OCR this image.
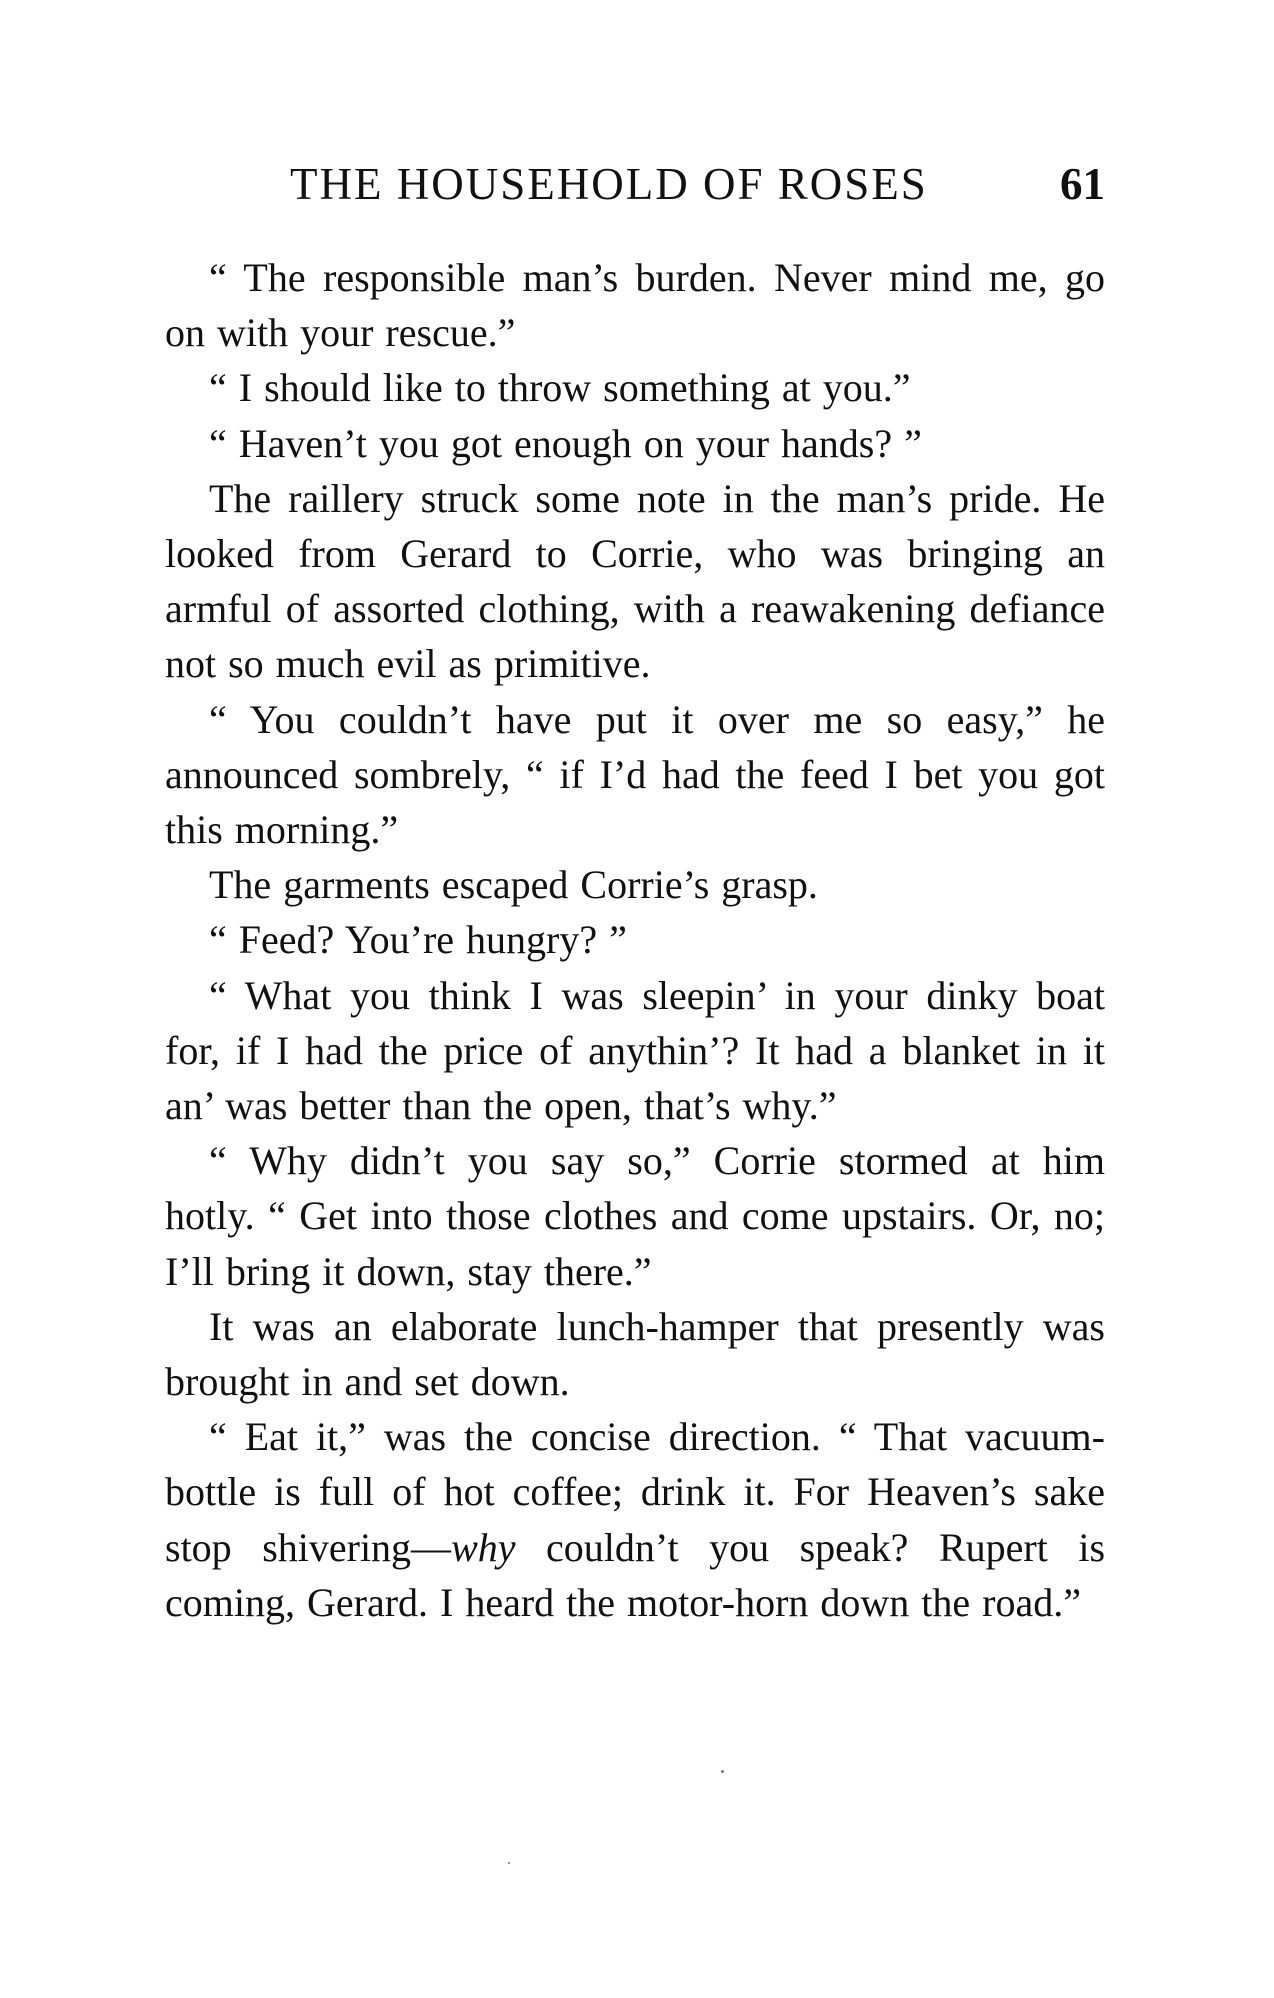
THE HOUSEHOLD OF ROSES	61

“ The responsible man’s burden. Never mind me, go on with your rescue.”

“ I should like to throw something at you.”

“ Haven’t you got enough on your hands? ”

The raillery struck some note in the man’s pride. He looked from Gerard to Corrie, who was bringing an armful of assorted clothing, with a reawakening defiance not so much evil as primitive.

“ You couldn’t have put it over me so easy,” he announced sombrely, “ if I’d had the feed I bet you got this morning.”

The garments escaped Corrie’s grasp.

“ Feed? You’re hungry? ”

“ What you think I was sleepin’ in your dinky boat for, if I had the price of anythin’? It had a blanket in it an’ was better than the open, that’s why.”

“ Why didn’t you say so,” Corrie stormed at him hotly. “ Get into those clothes and come upstairs. Or, no; I’ll bring it down, stay there.”

It was an elaborate lunch-hamper that presently was brought in and set down.

“ Eat it,” was the concise direction. “ That vacuum-bottle is full of hot coffee; drink it. For Heaven’s sake stop shivering—why couldn’t you speak? Rupert is coming, Gerard. I heard the motor-horn down the road.”
